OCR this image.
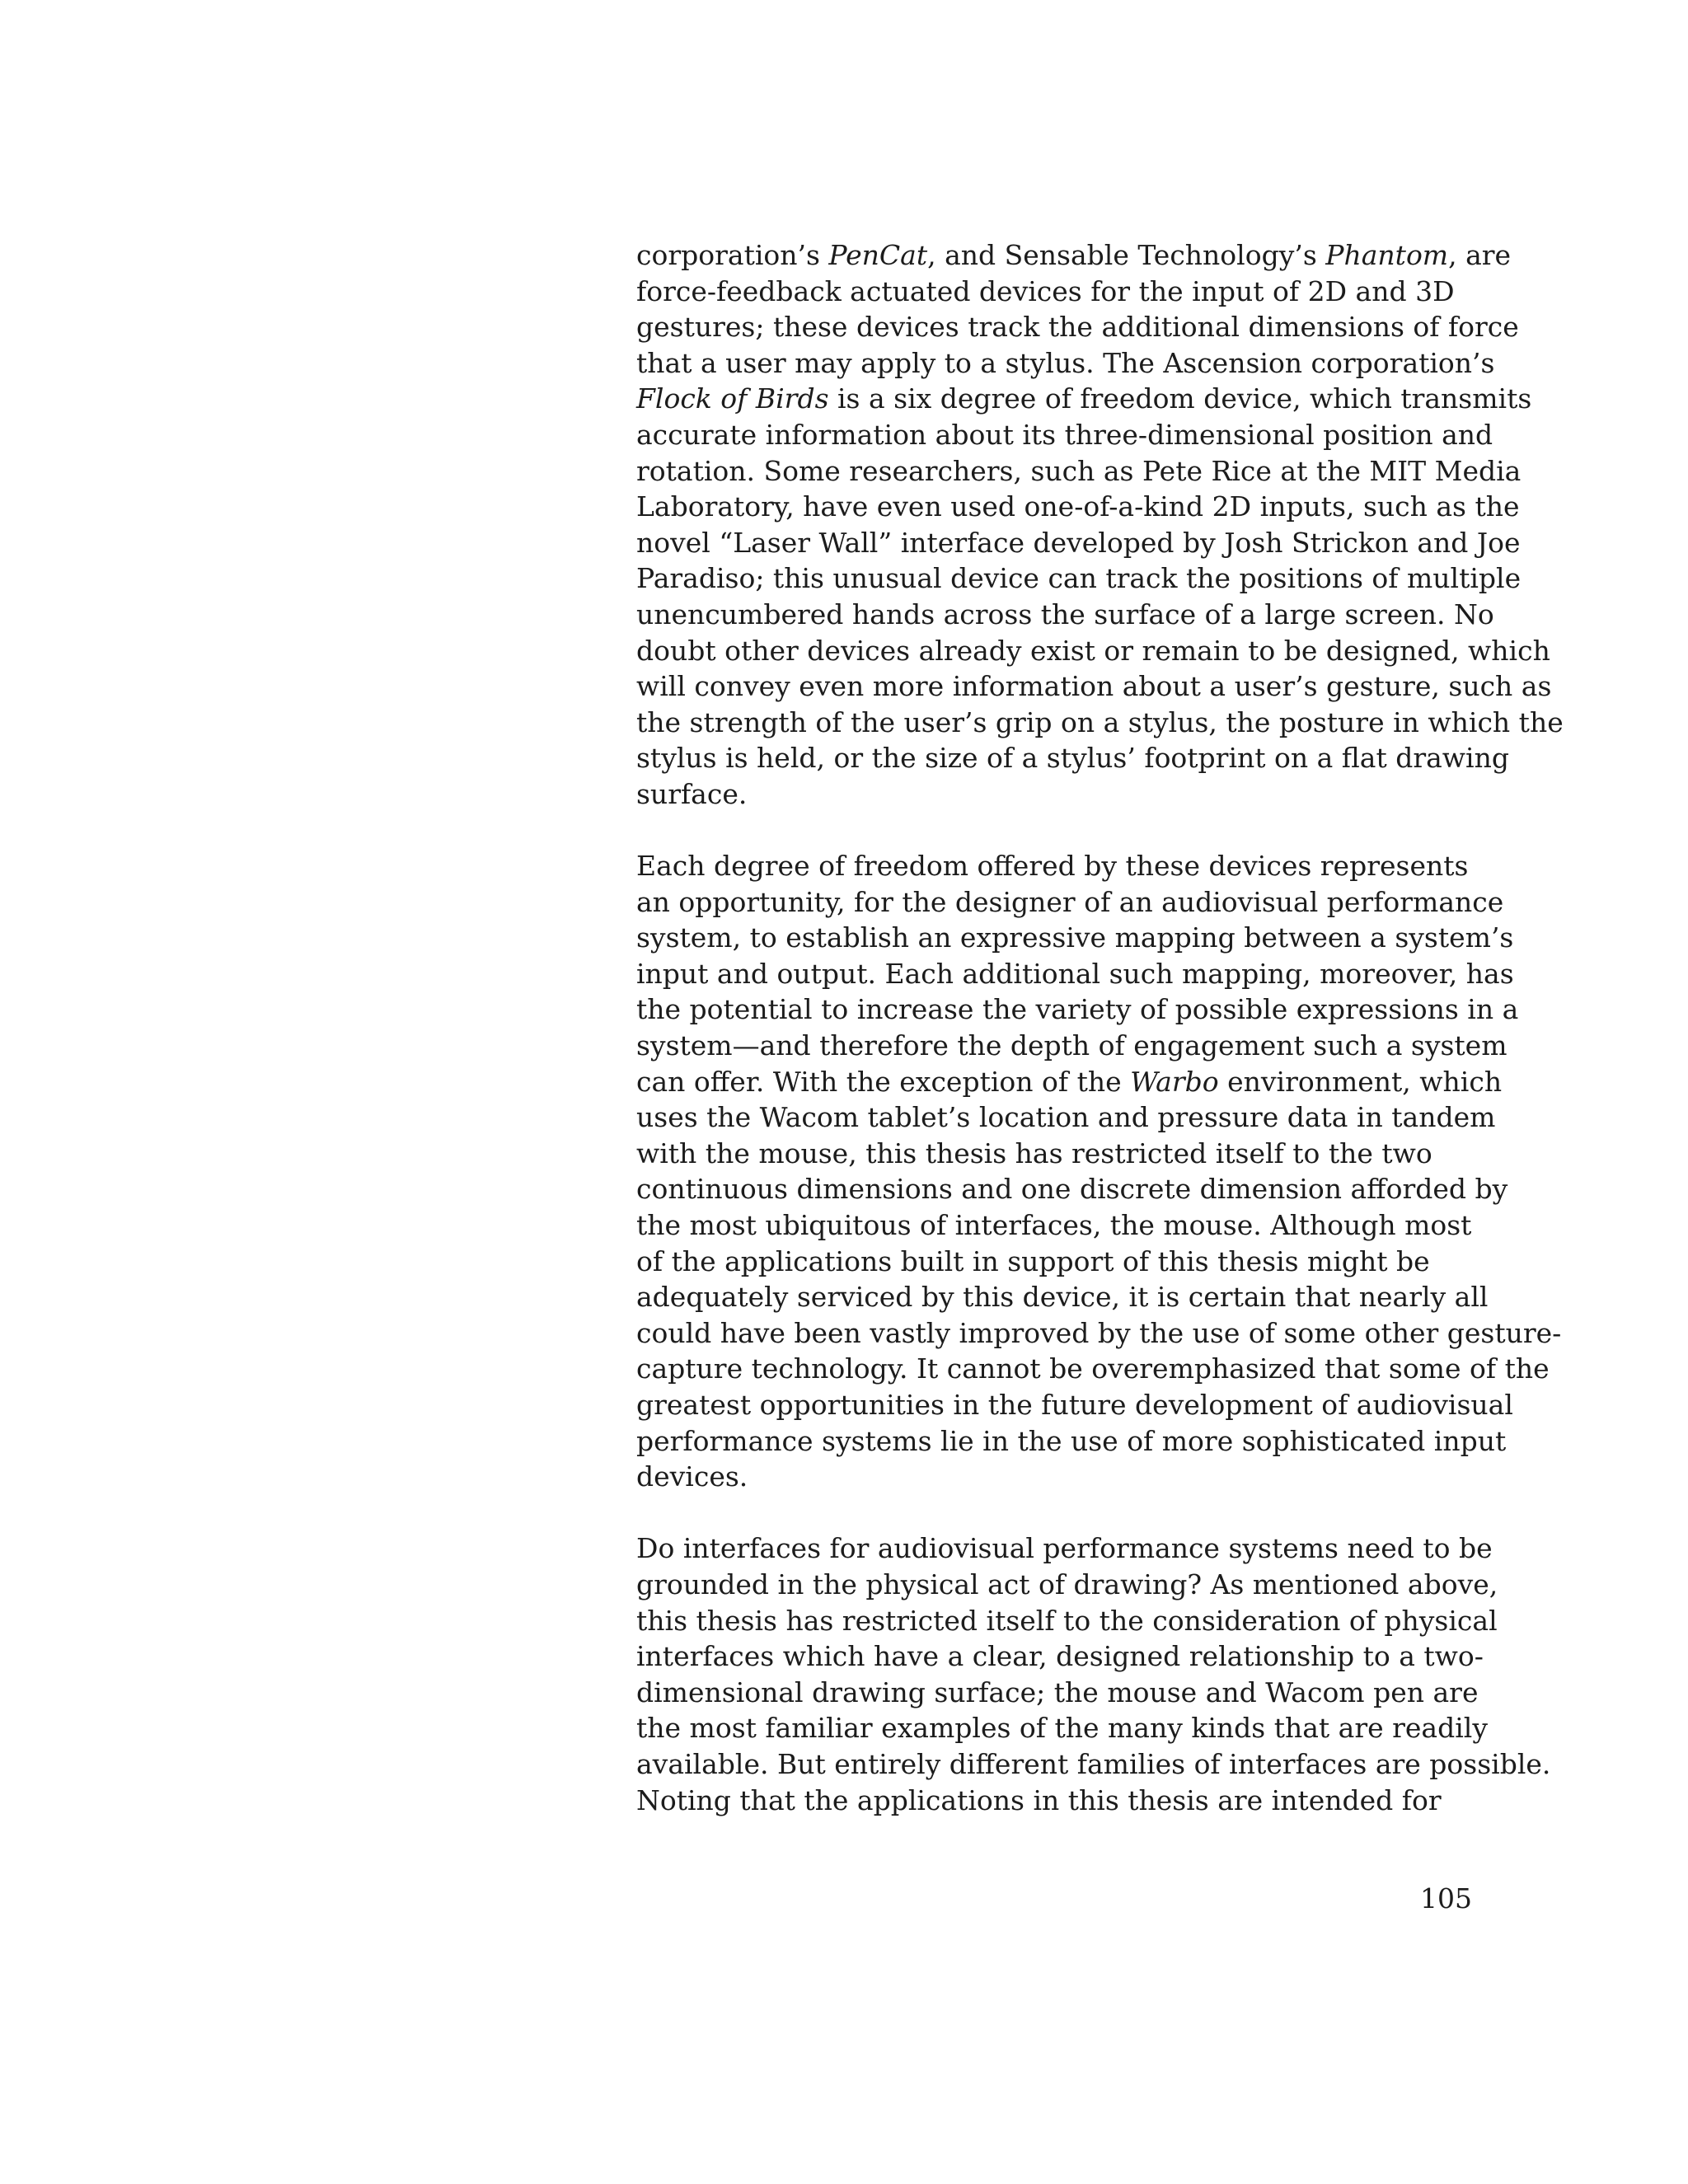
corporation’s PenCat, and Sensable Technology’s Phantom, are
force-feedback actuated devices for the input of 2D and 3D
gestures; these devices track the additional dimensions of force
that a user may apply to a stylus. The Ascension corporation’s
Flock of Birds is a six degree of freedom device, which transmits
accurate information about its three-dimensional position and
rotation. Some researchers, such as Pete Rice at the MIT Media
Laboratory, have even used one-of-a-kind 2D inputs, such as the
novel “Laser Wall” interface developed by Josh Strickon and Joe
Paradiso; this unusual device can track the positions of multiple
unencumbered hands across the surface of a large screen. No
doubt other devices already exist or remain to be designed, which
will convey even more information about a user’s gesture, such as
the strength of the user’s grip on a stylus, the posture in which the
stylus is held, or the size of a stylus’ footprint on a flat drawing
surface.
Each degree of freedom offered by these devices represents
an opportunity, for the designer of an audiovisual performance
system, to establish an expressive mapping between a system’s
input and output. Each additional such mapping, moreover, has
the potential to increase the variety of possible expressions in a
system—and therefore the depth of engagement such a system
can offer. With the exception of the Warbo environment, which
uses the Wacom tablet’s location and pressure data in tandem
with the mouse, this thesis has restricted itself to the two
continuous dimensions and one discrete dimension afforded by
the most ubiquitous of interfaces, the mouse. Although most
of the applications built in support of this thesis might be
adequately serviced by this device, it is certain that nearly all
could have been vastly improved by the use of some other gesture-
capture technology. It cannot be overemphasized that some of the
greatest opportunities in the future development of audiovisual
performance systems lie in the use of more sophisticated input
devices.
Do interfaces for audiovisual performance systems need to be
grounded in the physical act of drawing? As mentioned above,
this thesis has restricted itself to the consideration of physical
interfaces which have a clear, designed relationship to a two-
dimensional drawing surface; the mouse and Wacom pen are
the most familiar examples of the many kinds that are readily
available. But entirely different families of interfaces are possible.
Noting that the applications in this thesis are intended for
105
